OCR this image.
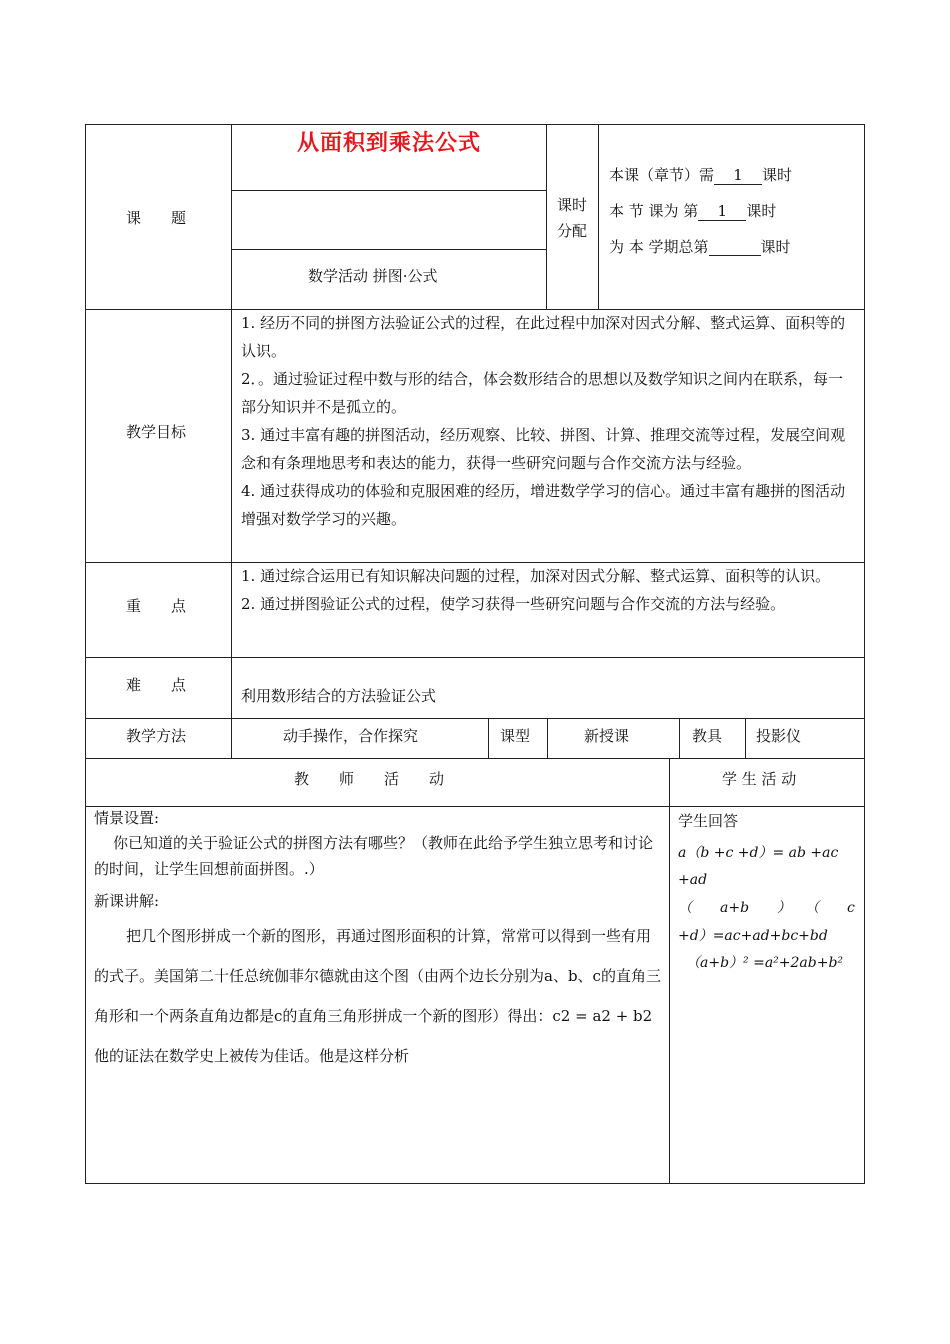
课　　题
从面积到乘法公式
数学活动 拼图·公式
课时
分配
本课（章节）需 1 课时
本 节 课为 第 1 课时
为 本 学期总第	课时
教学目标
1. 经历不同的拼图方法验证公式的过程，在此过程中加深对因式分解、整式运算、面积等的认识。
2．。通过验证过程中数与形的结合，体会数形结合的思想以及数学知识之间内在联系，每一部分知识并不是孤立的。
3. 通过丰富有趣的拼图活动，经历观察、比较、拼图、计算、推理交流等过程，发展空间观念和有条理地思考和表达的能力，获得一些研究问题与合作交流方法与经验。
4. 通过获得成功的体验和克服困难的经历，增进数学学习的信心。通过丰富有趣拼的图活动增强对数学学习的兴趣。
重　　点
1. 通过综合运用已有知识解决问题的过程，加深对因式分解、整式运算、面积等的认识。
2. 通过拼图验证公式的过程，使学习获得一些研究问题与合作交流的方法与经验。
难　　点
利用数形结合的方法验证公式
教学方法	动手操作，合作探究	课型	新授课	教具 投影仪
教　　师　　活　　动	学 生 活 动
情景设置:
你已知道的关于验证公式的拼图方法有哪些？（教师在此给予学生独立思考和讨论的时间，让学生回想前面拼图。.）
新课讲解:
把几个图形拼成一个新的图形，再通过图形面积的计算，常常可以得到一些有用的式子。美国第二十任总统伽菲尔德就由这个图（由两个边长分别为a、b、c的直角三角形和一个两条直角边都是c的直角三角形拼成一个新的图形）得出：c2 = a2 + b2他的证法在数学史上被传为佳话。他是这样分析
学生回答
a（b +c +d）= ab +ac
+ad
（　　a+b　　）　　（　　c
+d）=ac+ad+bc+bd
（a+b）² =a²+2ab+b²
